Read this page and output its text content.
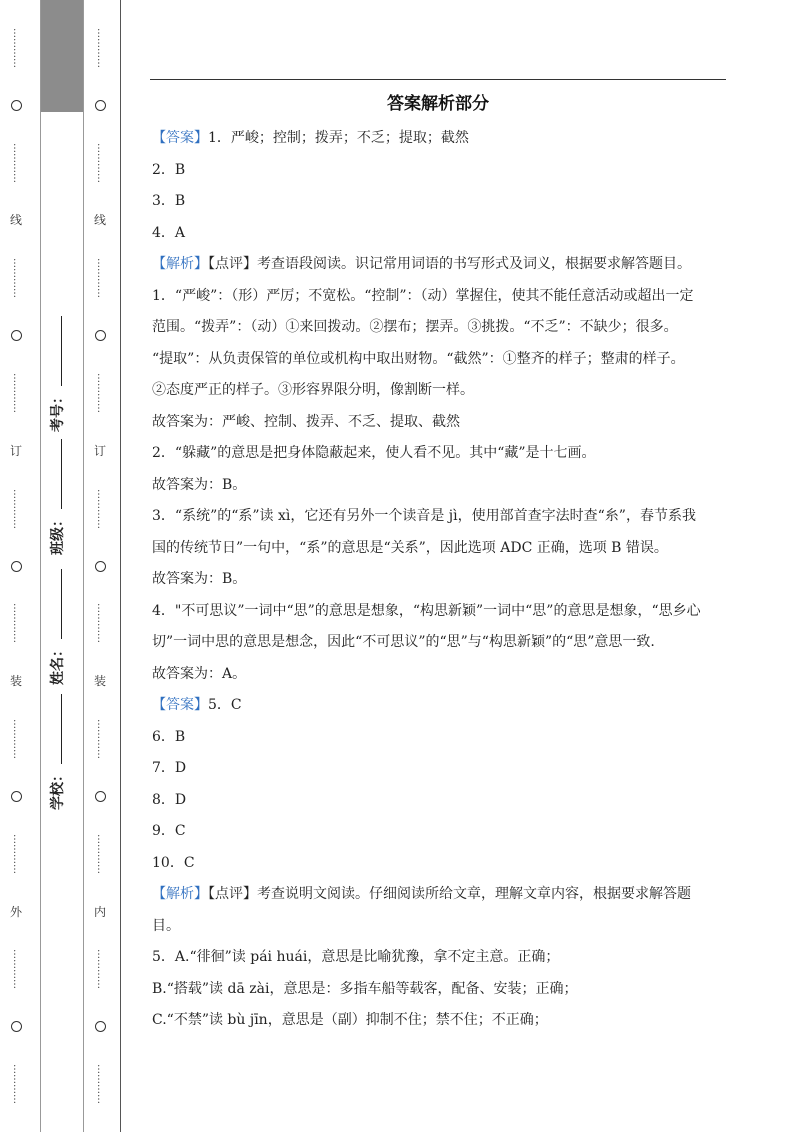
…………
…………
线
…………
…………
订
…………
…………
装
…………
…………
外
…………
…………
…………
…………
线
…………
…………
订
…………
…………
装
…………
…………
内
…………
…………
学校：
姓名：
班级：
考号：
答案解析部分
【答案】1．严峻；控制；拨弄；不乏；提取；截然
2．B
3．B
4．A
【解析】【点评】考查语段阅读。识记常用词语的书写形式及词义，根据要求解答题目。
1．“严峻”：（形）严厉；不宽松。“控制”：（动）掌握住，使其不能任意活动或超出一定
范围。“拨弄”：（动）①来回拨动。②摆布；摆弄。③挑拨。“不乏”：不缺少；很多。
“提取”：从负责保管的单位或机构中取出财物。“截然”：①整齐的样子；整肃的样子。
②态度严正的样子。③形容界限分明，像割断一样。
故答案为：严峻、控制、拨弄、不乏、提取、截然
2．“躲藏”的意思是把身体隐蔽起来，使人看不见。其中“藏”是十七画。
故答案为：B。
3．“系统”的“系”读 xì，它还有另外一个读音是 jì，使用部首查字法时查“糸”，春节系我
国的传统节日”一句中，“系”的意思是“关系”，因此选项 ADC 正确，选项 B 错误。
故答案为：B。
4．"不可思议”一词中“思”的意思是想象，“构思新颖”一词中“思”的意思是想象，“思乡心
切”一词中思的意思是想念，因此“不可思议”的“思”与“构思新颖”的“思”意思一致.
故答案为：A。
【答案】5．C
6．B
7．D
8．D
9．C
10．C
【解析】【点评】考查说明文阅读。仔细阅读所给文章，理解文章内容，根据要求解答题
目。
5．A.“徘徊”读 pái huái，意思是比喻犹豫，拿不定主意。正确；
B.“搭载”读 dā zài，意思是：多指车船等载客，配备、安装；正确；
C.“不禁”读 bù jīn，意思是（副）抑制不住；禁不住；不正确；
